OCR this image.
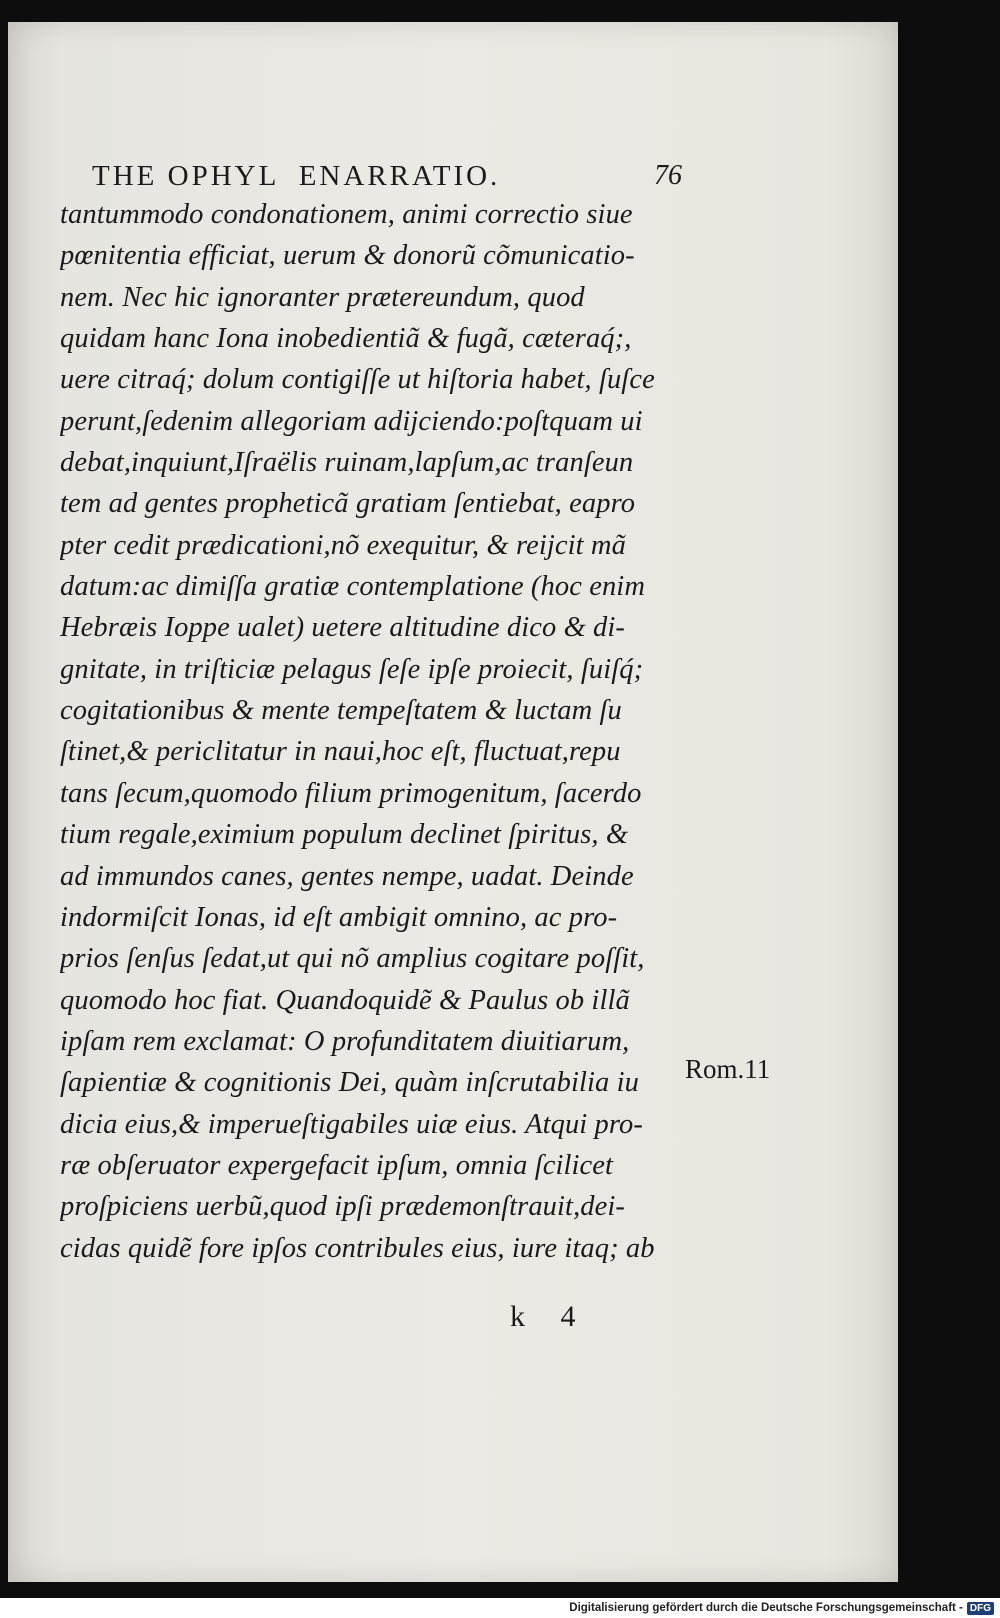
THE OPHYL  ENARRATIO.	76
tantummodo condonationem, animi correctio siue
pœnitentia efficiat, uerum & donorũ cõmunicatio-
nem. Nec hic ignoranter prætereundum, quod
quidam hanc Iona inobedientiã & fugã, cæteraq́;,
uere citraq́; dolum contigiſſe ut hiſtoria habet, ſuſce
perunt,ſedenim allegoriam adijciendo:poſtquam ui
debat,inquiunt,Iſraëlis ruinam,lapſum,ac tranſeun
tem ad gentes propheticã gratiam ſentiebat, eapro
pter cedit prædicationi,nõ exequitur, & reijcit mã
datum:ac dimiſſa gratiæ contemplatione (hoc enim
Hebræis Ioppe ualet) uetere altitudine dico & di-
gnitate, in triſticiæ pelagus ſeſe ipſe proiecit, ſuiſq́;
cogitationibus & mente tempeſtatem & luctam ſu
ſtinet,& periclitatur in naui,hoc eſt, fluctuat,repu
tans ſecum,quomodo filium primogenitum, ſacerdo
tium regale,eximium populum declinet ſpiritus, &
ad immundos canes, gentes nempe, uadat. Deinde
indormiſcit Ionas, id eſt ambigit omnino, ac pro-
prios ſenſus ſedat,ut qui nõ amplius cogitare poſſit,
quomodo hoc fiat. Quandoquidẽ & Paulus ob illã
ipſam rem exclamat: O profunditatem diuitiarum,
ſapientiæ & cognitionis Dei, quàm inſcrutabilia iu
dicia eius,& imperueſtigabiles uiæ eius. Atqui pro-
ræ obſeruator expergefacit ipſum, omnia ſcilicet
proſpiciens uerbũ,quod ipſi prædemonſtrauit,dei-
cidas quidẽ fore ipſos contribules eius, iure itaq; ab
Rom.11
k 4
Digitalisierung gefördert durch die Deutsche Forschungsgemeinschaft - DFG
